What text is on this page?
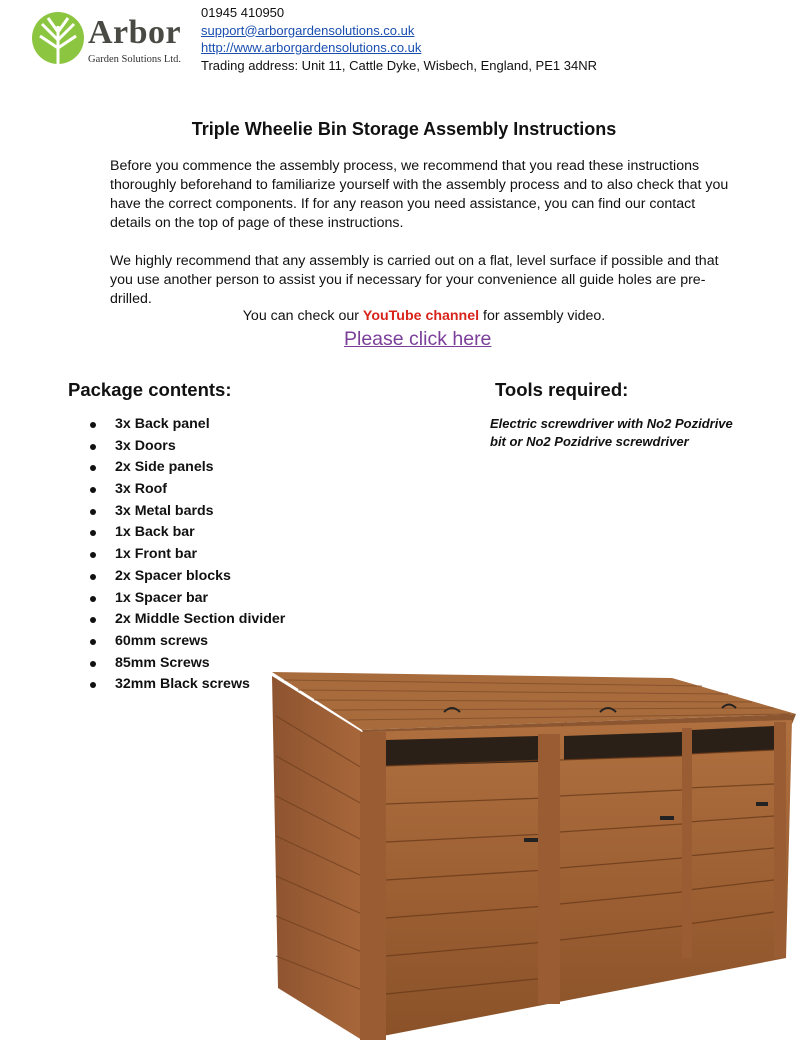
Arbor
Garden Solutions Ltd.
01945 410950
support@arborgardensolutions.co.uk
http://www.arborgardensolutions.co.uk
Trading address: Unit 11, Cattle Dyke, Wisbech, England, PE1 34NR
Triple Wheelie Bin Storage Assembly Instructions

Before you commence the assembly process, we recommend that you read these instructions thoroughly beforehand to familiarize yourself with the assembly process and to also check that you have the correct components. If for any reason you need assistance, you can find our contact details on the top of page of these instructions.

We highly recommend that any assembly is carried out on a flat, level surface if possible and that you use another person to assist you if necessary for your convenience all guide holes are pre-drilled.

You can check our YouTube channel for assembly video.
Please click here
Package contents:	Tools required:
Electric screwdriver with No2 Pozidrive bit or No2 Pozidrive screwdriver
3x Back panel
3x Doors
2x Side panels
3x Roof
3x Metal bards
1x Back bar
1x Front bar
2x Spacer blocks
1x Spacer bar
2x Middle Section divider
60mm screws
85mm Screws
32mm Black screws
